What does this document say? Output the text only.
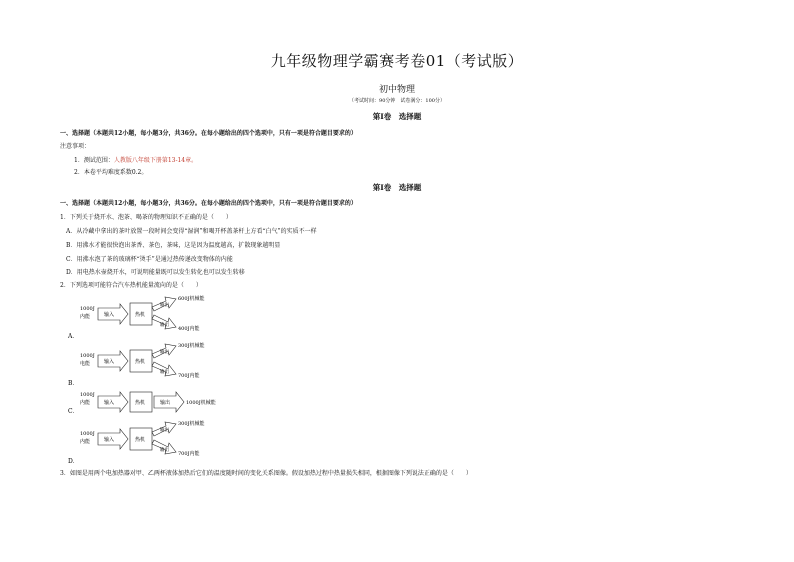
九年级物理学霸赛考卷01（考试版）
初中物理
（考试时间：90分钟　试卷满分：100分）
第Ⅰ卷　选择题
一、选择题（本题共12小题，每小题3分，共36分。在每小题给出的四个选项中，只有一项是符合题目要求的）
注意事项：
1．测试范围：人教版八年级下册第13-14章。
2．本卷平均难度系数0.2。
第Ⅰ卷　选择题
一、选择题（本题共12小题，每小题3分，共36分。在每小题给出的四个选项中，只有一项是符合题目要求的）
1．下列关于烧开水、泡茶、喝茶的物理知识不正确的是（　　）
A．从冷藏中拿出的茶叶放置一段时间会变得“湿润”和喝开杯盖茶杆上方看“白气”的实质不一样
B．用沸水才能很快泡出茶香、茶色，茶味，这是因为温度越高，扩散现象越明显
C．用沸水泡了茶的玻璃杯“烫手”是通过热传递改变物体的内能
D．用电热水壶烧开水，可说明能量既可以发生转化也可以发生转移
2．下列选项可能符合汽车热机能量流向的是（　　）
1000J
内能	输入	热机
输出
输出
600J机械能
400J内能
A．
1000J
电能	输入	热机
输出
输出
300J机械能
700J内能
B．
1000J
内能	输入	热机	输出	1000J机械能
C．
1000J
内能	输入	热机
输出
输出
300J机械能
700J内能
D．
3．如图是用两个电加热器对甲、乙两杯液体加热后它们的温度随时间的变化关系图像。假设加热过程中热量损失相同，根据图像下列说法正确的是（　　）
